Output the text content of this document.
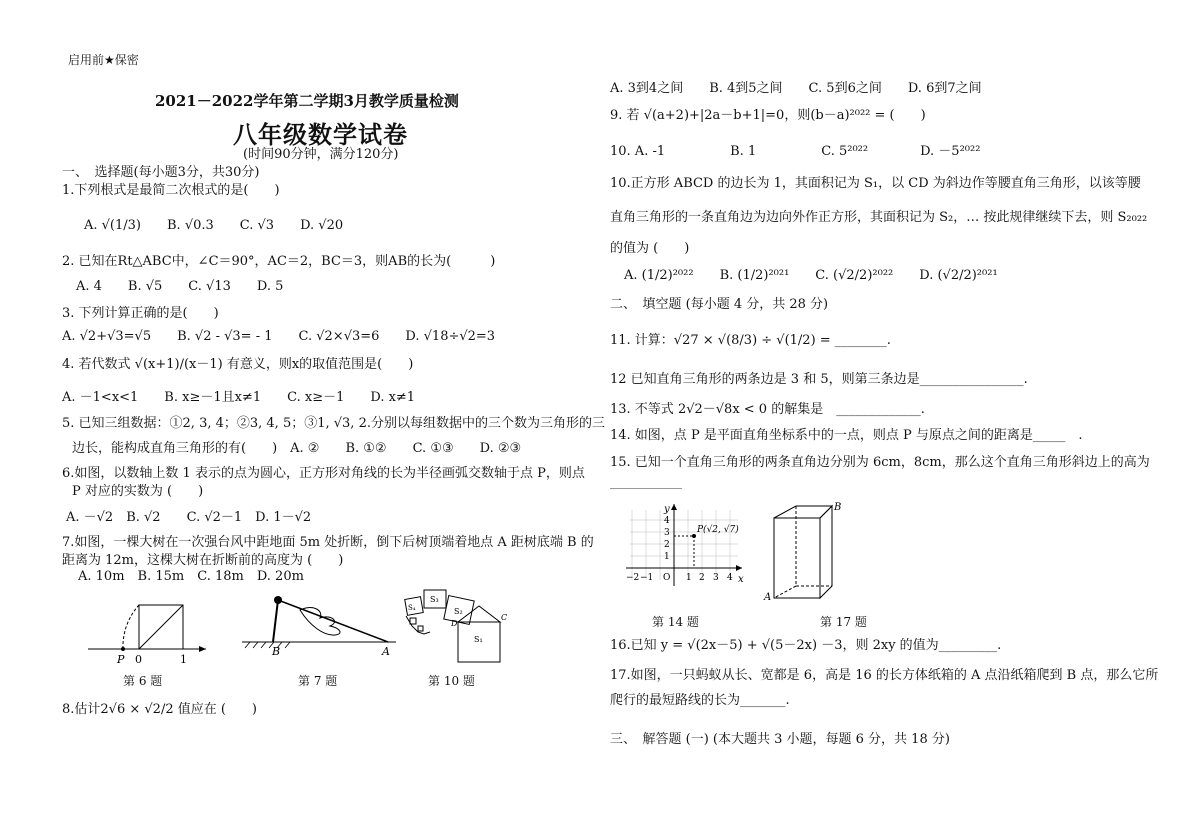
启用前★保密
2021－2022学年第二学期3月教学质量检测
八年级数学试卷
(时间90分钟，满分120分)
一、　选择题(每小题3分，共30分)
1.下列根式是最简二次根式的是(　　)
A. √(1/3)　　B. √0.3　　C. √3　　D. √20
2. 已知在Rt△ABC中，∠C＝90°，AC＝2，BC＝3，则AB的长为(　　　)
A. 4　　B. √5　　C. √13　　D. 5
3. 下列计算正确的是(　　)
A. √2+√3=√5　　B. √2 - √3= - 1　　C. √2×√3=6　　D. √18÷√2=3
4. 若代数式 √(x+1)/(x－1) 有意义，则x的取值范围是(　　)
A. －1<x<1　　B. x≥－1且x≠1　　C. x≥－1　　D. x≠1
5. 已知三组数据：①2, 3, 4；②3, 4, 5；③1, √3, 2.分别以每组数据中的三个数为三角形的三
边长，能构成直角三角形的有(　　)　A. ②　　B. ①②　　C. ①③　　D. ②③
6.如图，以数轴上数 1 表示的点为圆心，正方形对角线的长为半径画弧交数轴于点 P，则点
P 对应的实数为 (　　)
A. －√2　B. √2　　C. √2－1　D. 1－√2
7.如图，一棵大树在一次强台风中距地面 5m 处折断，倒下后树顶端着地点 A 距树底端 B 的
距离为 12m，这棵大树在折断前的高度为 (　　)
A. 10m　B. 15m　C. 18m　D. 20m
P 0	1
第 6 题
B	A
第 7 题
S₁
S₂
S₃
S₄
C
D
第 10 题
8.估计2√6 × √2/2 值应在 (　　)
A. 3到4之间　　B. 4到5之间　　C. 5到6之间　　D. 6到7之间
9. 若 √(a+2)+|2a－b+1|=0，则(b－a)²⁰²² = (　　)
10. A. -1　　　　　B. 1　　　　　C. 5²⁰²²　　　　D. －5²⁰²²
10.正方形 ABCD 的边长为 1，其面积记为 S₁，以 CD 为斜边作等腰直角三角形，以该等腰
直角三角形的一条直角边为边向外作正方形，其面积记为 S₂，… 按此规律继续下去，则 S₂₀₂₂
的值为 (　　)
A. (1/2)²⁰²²　　B. (1/2)²⁰²¹　　C. (√2/2)²⁰²²　　D. (√2/2)²⁰²¹
二、　填空题 (每小题 4 分，共 28 分)
11. 计算：√27 × √(8/3) ÷ √(1/2) = ________.
12 已知直角三角形的两条边是 3 和 5，则第三条边是________________.
13. 不等式 2√2－√8x < 0 的解集是　_____________.
14. 如图，点 P 是平面直角坐标系中的一点，则点 P 与原点之间的距离是_____　.
15. 已知一个直角三角形的两条直角边分别为 6cm，8cm，那么这个直角三角形斜边上的高为
P(√2, √7)
x
y
−2 −1 O 1 2 3 4
1
2
3
4
第 14 题
A
B
第 17 题
16.已知 y = √(2x－5) + √(5－2x) －3，则 2xy 的值为_________.
17.如图，一只蚂蚁从长、宽都是 6，高是 16 的长方体纸箱的 A 点沿纸箱爬到 B 点，那么它所
爬行的最短路线的长为_______.
三、　解答题 (一) (本大题共 3 小题，每题 6 分，共 18 分)
